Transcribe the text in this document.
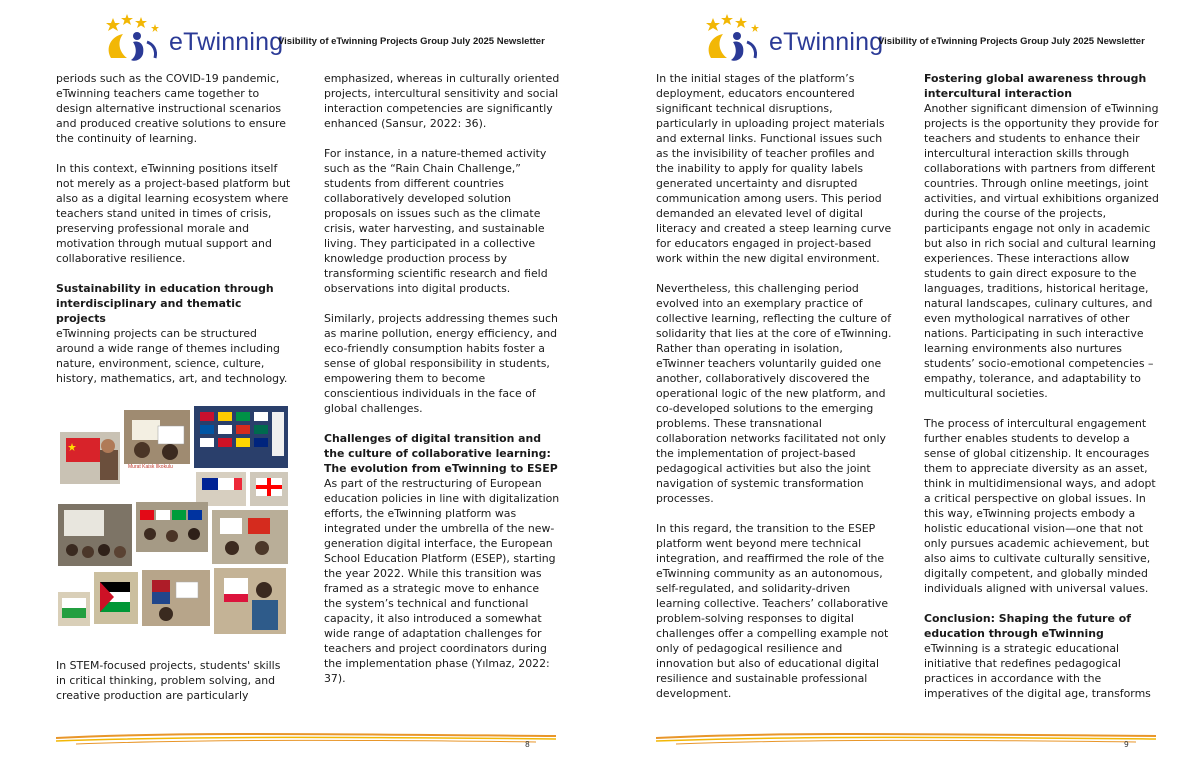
eTwinning
Visibility of eTwinning Projects Group July 2025 Newsletter

periods such as the COVID-19 pandemic, eTwinning teachers came together to design alternative instructional scenarios and produced creative solutions to ensure the continuity of learning.

In this context, eTwinning positions itself not merely as a project-based platform but also as a digital learning ecosystem where teachers stand united in times of crisis, preserving professional morale and motivation through mutual support and collaborative resilience.

Sustainability in education through interdisciplinary and thematic projects

eTwinning projects can be structured around a wide range of themes including nature, environment, science, culture, history, mathematics, art, and technology.

Murat Kaisk Ilkokulu

In STEM-focused projects, students' skills in critical thinking, problem solving, and creative production are particularly

emphasized, whereas in culturally oriented projects, intercultural sensitivity and social interaction competencies are significantly enhanced (Sansur, 2022: 36).

For instance, in a nature-themed activity such as the “Rain Chain Challenge,” students from different countries collaboratively developed solution proposals on issues such as the climate crisis, water harvesting, and sustainable living. They participated in a collective knowledge production process by transforming scientific research and field observations into digital products.

Similarly, projects addressing themes such as marine pollution, energy efficiency, and eco-friendly consumption habits foster a sense of global responsibility in students, empowering them to become conscientious individuals in the face of global challenges.

Challenges of digital transition and the culture of collaborative learning: The evolution from eTwinning to ESEP

As part of the restructuring of European education policies in line with digitalization efforts, the eTwinning platform was integrated under the umbrella of the new-generation digital interface, the European School Education Platform (ESEP), starting the year 2022. While this transition was framed as a strategic move to enhance the system’s technical and functional capacity, it also introduced a somewhat wide range of adaptation challenges for teachers and project coordinators during the implementation phase (Yılmaz, 2022: 37).

8
eTwinning
Visibility of eTwinning Projects Group July 2025 Newsletter

In the initial stages of the platform’s deployment, educators encountered significant technical disruptions, particularly in uploading project materials and external links. Functional issues such as the invisibility of teacher profiles and the inability to apply for quality labels generated uncertainty and disrupted communication among users. This period demanded an elevated level of digital literacy and created a steep learning curve for educators engaged in project-based work within the new digital environment.

Nevertheless, this challenging period evolved into an exemplary practice of collective learning, reflecting the culture of solidarity that lies at the core of eTwinning. Rather than operating in isolation, eTwinner teachers voluntarily guided one another, collaboratively discovered the operational logic of the new platform, and co-developed solutions to the emerging problems. These transnational collaboration networks facilitated not only the implementation of project-based pedagogical activities but also the joint navigation of systemic transformation processes.

In this regard, the transition to the ESEP platform went beyond mere technical integration, and reaffirmed the role of the eTwinning community as an autonomous, self-regulated, and solidarity-driven learning collective. Teachers’ collaborative problem-solving responses to digital challenges offer a compelling example not only of pedagogical resilience and innovation but also of educational digital resilience and sustainable professional development.

Fostering global awareness through intercultural interaction

Another significant dimension of eTwinning projects is the opportunity they provide for teachers and students to enhance their intercultural interaction skills through collaborations with partners from different countries. Through online meetings, joint activities, and virtual exhibitions organized during the course of the projects, participants engage not only in academic but also in rich social and cultural learning experiences. These interactions allow students to gain direct exposure to the languages, traditions, historical heritage, natural landscapes, culinary cultures, and even mythological narratives of other nations. Participating in such interactive learning environments also nurtures students’ socio-emotional competencies – empathy, tolerance, and adaptability to multicultural societies.

The process of intercultural engagement further enables students to develop a sense of global citizenship. It encourages them to appreciate diversity as an asset, think in multidimensional ways, and adopt a critical perspective on global issues. In this way, eTwinning projects embody a holistic educational vision—one that not only pursues academic achievement, but also aims to cultivate culturally sensitive, digitally competent, and globally minded individuals aligned with universal values.

Conclusion: Shaping the future of education through eTwinning

eTwinning is a strategic educational initiative that redefines pedagogical practices in accordance with the imperatives of the digital age, transforms

9
